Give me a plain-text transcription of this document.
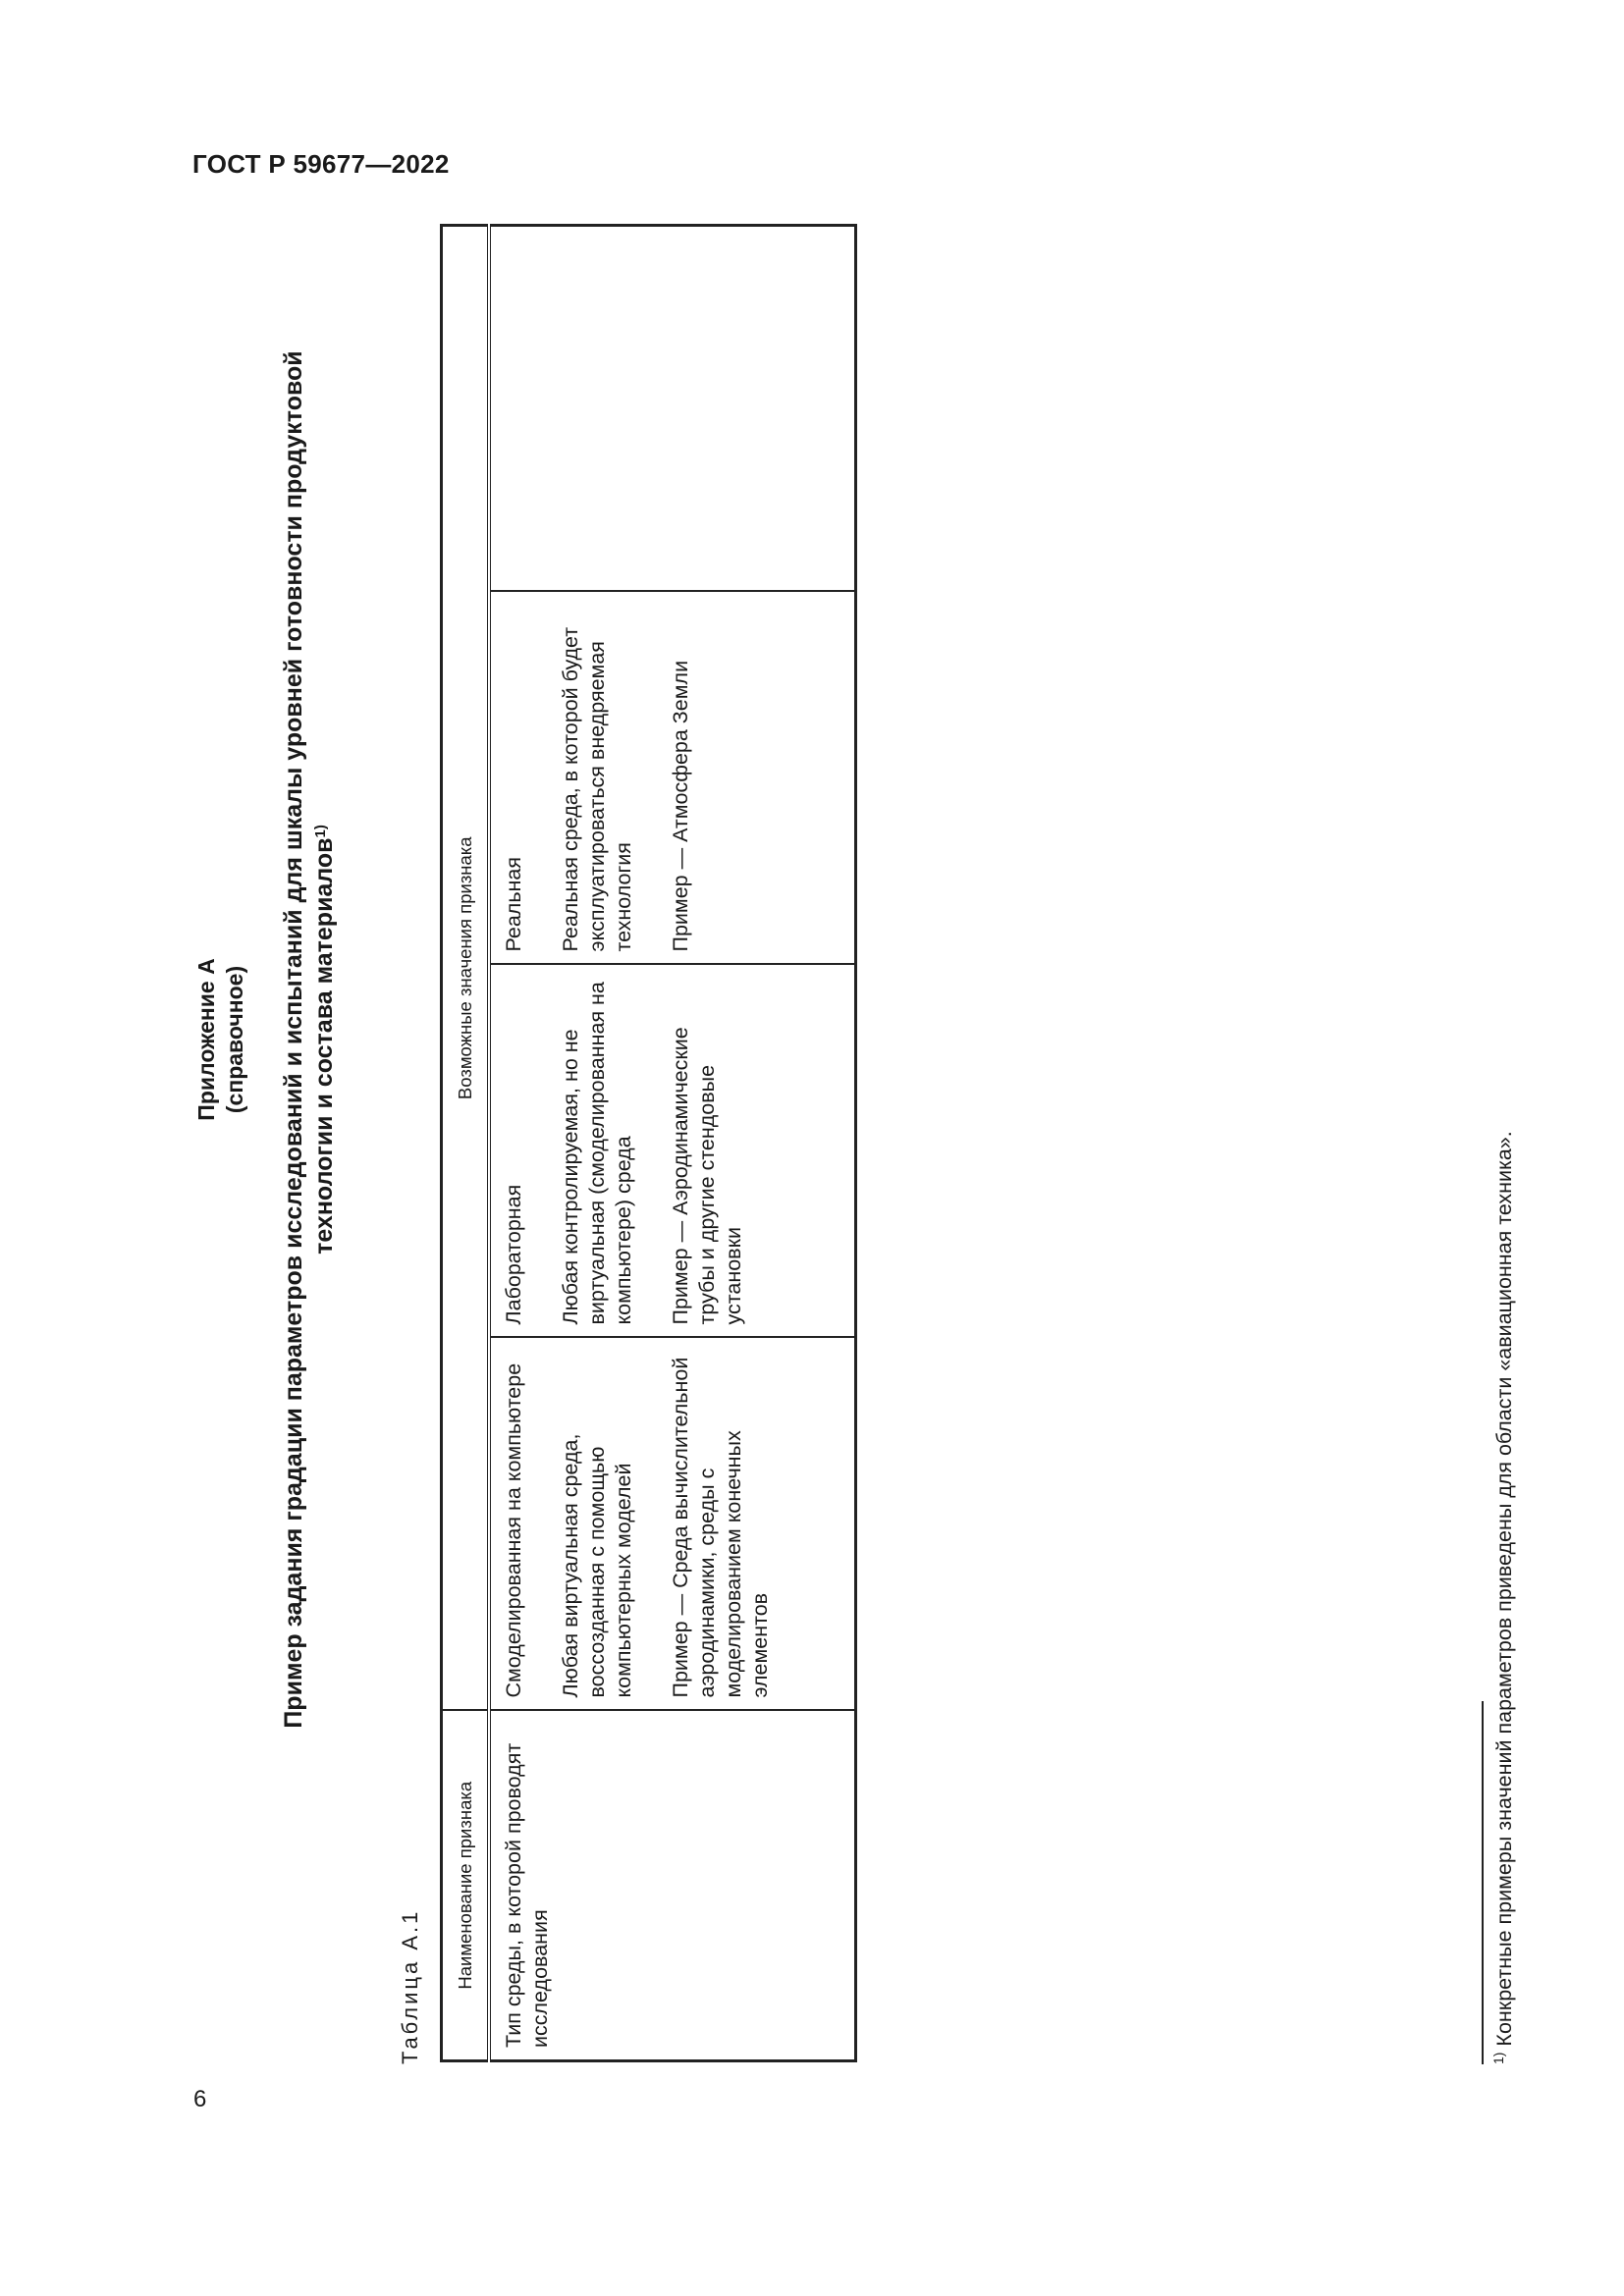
ГОСТ Р 59677—2022
Приложение А (справочное) Пример задания градации параметров исследований и испытаний для шкалы уровней готовности продуктовой технологии и состава материалов$^{1)}$
Таблица А.1 Наименование признака	Возможные значения признака			
Тип среды, в которой проводят исследования	Смоделированная на компьютере Любая виртуальная среда, воссозданная с помощью компьютерных моделей Пример — Среда вычислительной аэродинамики, среды с моделированием конечных элементов	Лабораторная Любая контролируемая, но не виртуальная (смоделированная на компьютере) среда Пример — Аэродинамические трубы и другие стендовые установки	Реальная Реальная среда, в которой будет эксплуатироваться внедряемая технология Пример — Атмосфера Земли	

$^{1)}$ Конкретные примеры значений параметров приведены для области «авиационная техника».
6
